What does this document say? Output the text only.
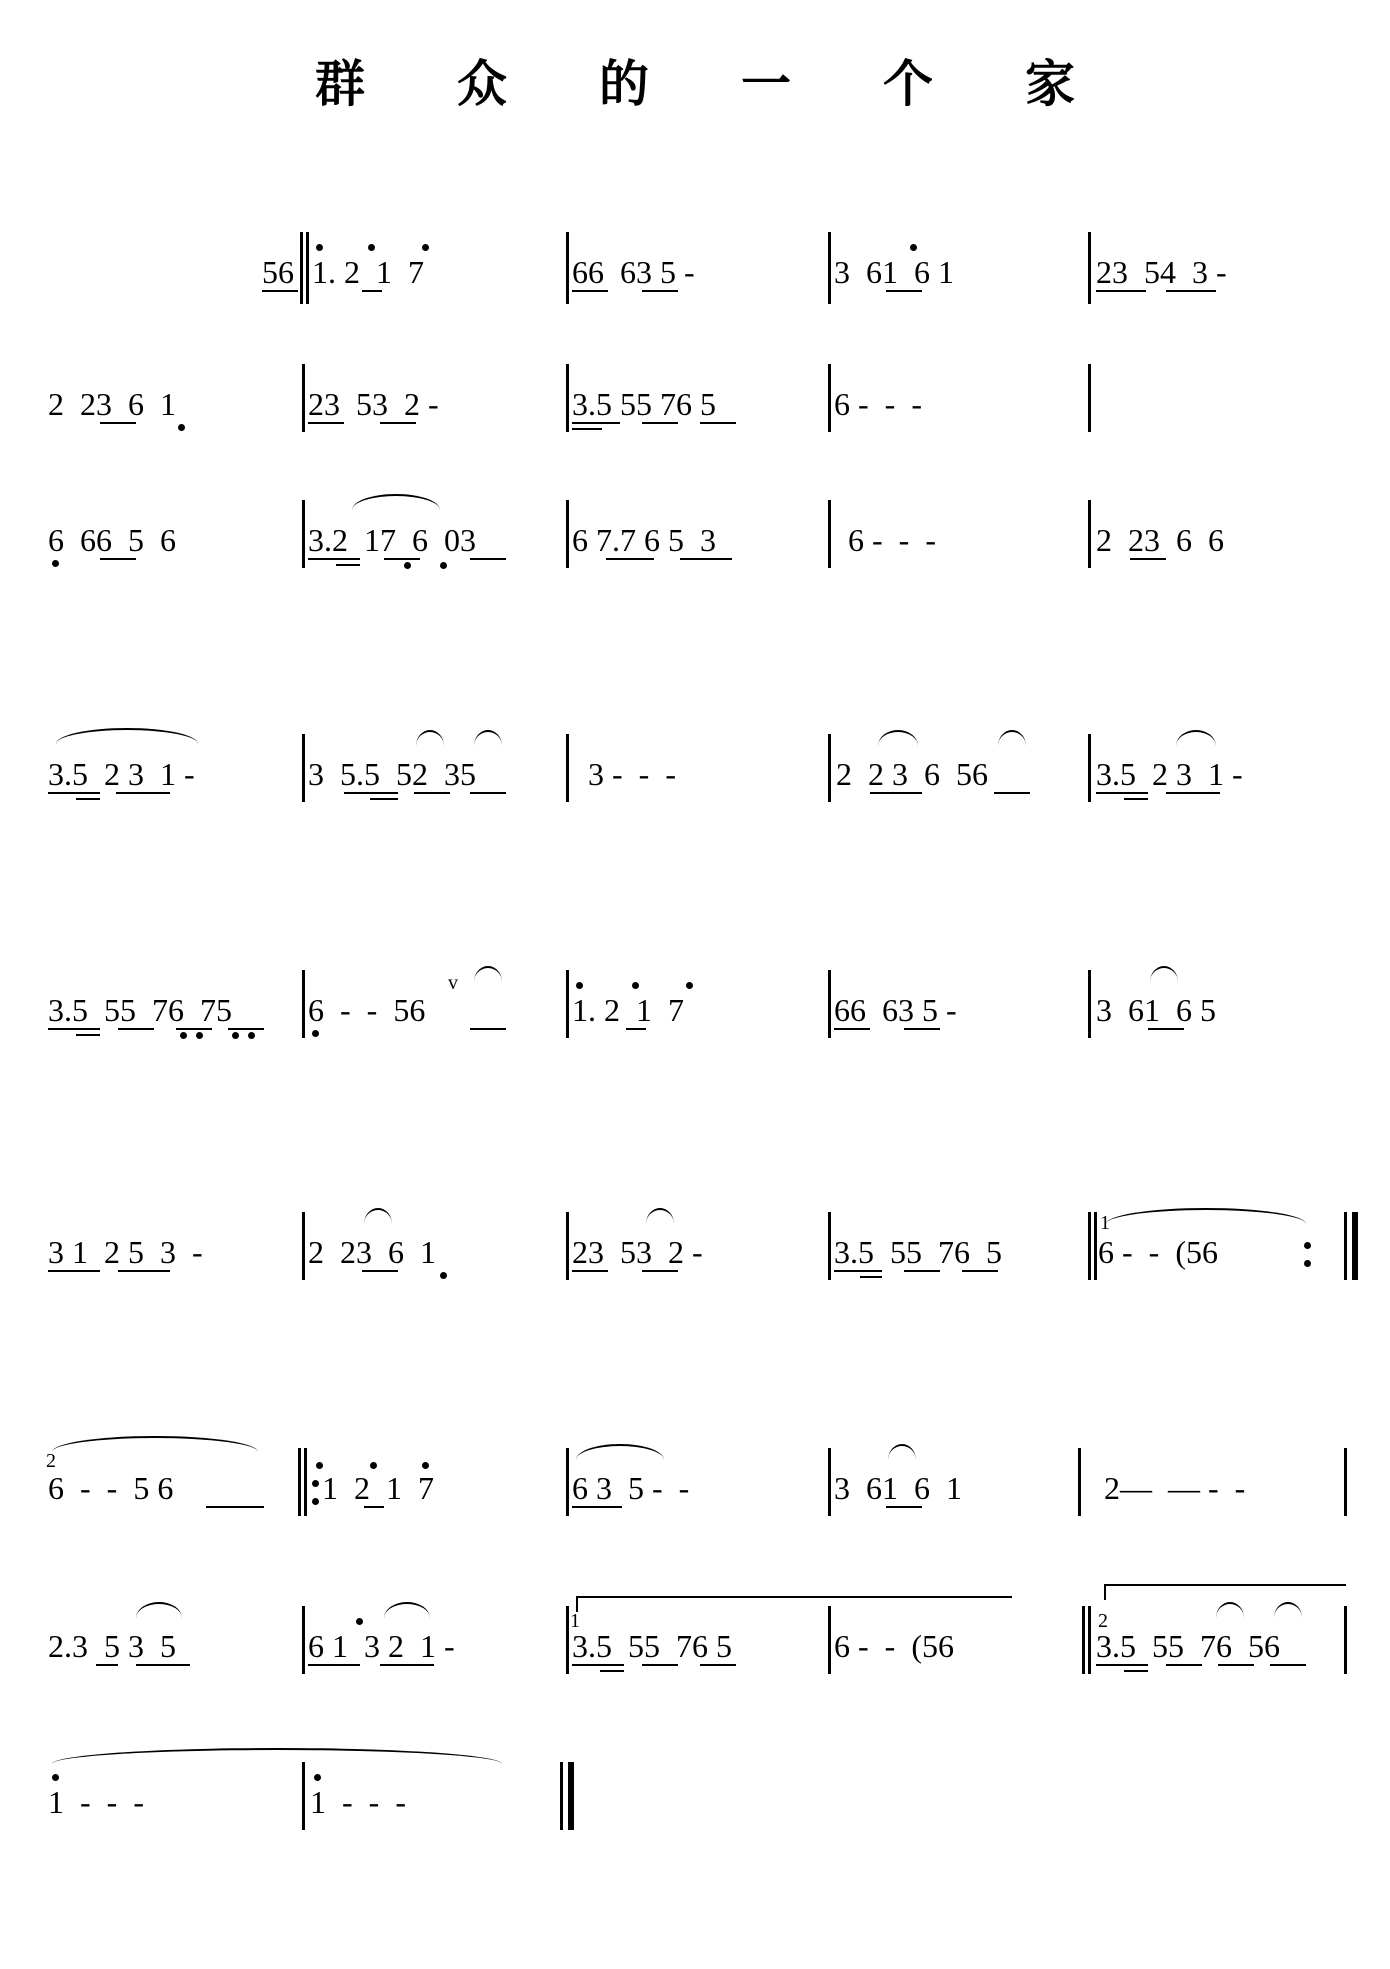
群 众 的 一 个 家
56 1. 2  1  7	66  63 5 -	3  61  6 1	23  54  3 -
2  23  6  1	23  53  2 -	3.5 55 76 5	6 -  -  -
6  66  5  6	3.2  17  6  03	6 7.7 6 5  3	6 -  -  -	2  23  6  6
3.5  2 3  1 -	3  5.5  52  35	3 -  -  -	2  2 3  6  56	3.5  2 3  1 -
3.5  55  76  75 6  -  -  56
v
1. 2  1  7	66  63 5 -	3  61  6 5
3 1  2 5  3  -	2  23  6  1	23  53  2 -	3.5  55  76  5	6 -  -  (56
1
2
6  -  -  5 6	1  2  1  7	6 3  5 -  -	3  61  6  1	2—  — -  -
2.3  5 3  5	6 1  3 2  1 -
1
3.5  55  76 5	6 -  -  (56
2
3.5  55  76  56
1  -  -  -	1  -  -  -
